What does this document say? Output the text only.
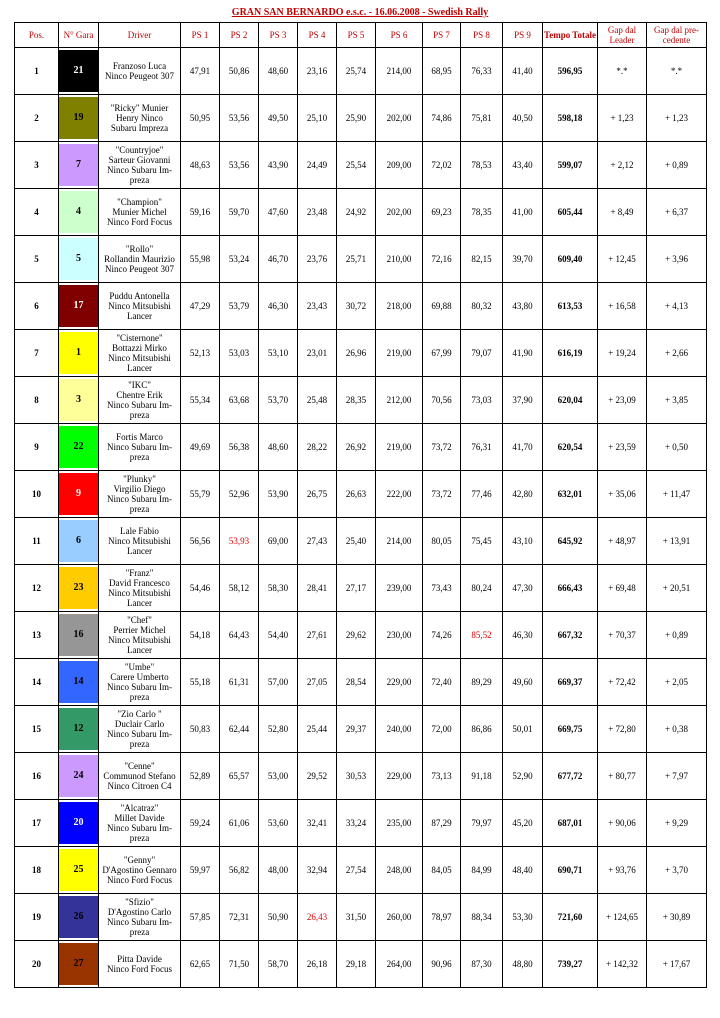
GRAN SAN BERNARDO e.s.c. - 16.06.2008 - Swedish Rally
Pos.	N° Gara	Driver	PS 1	PS 2	PS 3	PS 4	PS 5	PS 6	PS 7	PS 8	PS 9	Tempo Totale	Gap dal Leader	Gap dal pre-cedente
1	21	Franzoso Luca
Ninco Peugeot 307	47,91	50,86	48,60	23,16	25,74	214,00	68,95	76,33	41,40	596,95	*.*	*.*
2	19	"Ricky" Munier
Henry Ninco
Subaru Impreza	50,95	53,56	49,50	25,10	25,90	202,00	74,86	75,81	40,50	598,18	+ 1,23	+ 1,23
3	7	"Countryjoe"
Sarteur Giovanni
Ninco Subaru Im-
preza	48,63	53,56	43,90	24,49	25,54	209,00	72,02	78,53	43,40	599,07	+ 2,12	+ 0,89
4	4	"Champion"
Munier Michel
Ninco Ford Focus	59,16	59,70	47,60	23,48	24,92	202,00	69,23	78,35	41,00	605,44	+ 8,49	+ 6,37
5	5	"Rollo"
Rollandin Maurizio
Ninco Peugeot 307	55,98	53,24	46,70	23,76	25,71	210,00	72,16	82,15	39,70	609,40	+ 12,45	+ 3,96
6	17	Puddu Antonella
Ninco Mitsubishi
Lancer	47,29	53,79	46,30	23,43	30,72	218,00	69,88	80,32	43,80	613,53	+ 16,58	+ 4,13
7	1	"Cisternone"
Bottazzi Mirko
Ninco Mitsubishi
Lancer	52,13	53,03	53,10	23,01	26,96	219,00	67,99	79,07	41,90	616,19	+ 19,24	+ 2,66
8	3	"IKC"
Chentre Erik
Ninco Subaru Im-
preza	55,34	63,68	53,70	25,48	28,35	212,00	70,56	73,03	37,90	620,04	+ 23,09	+ 3,85
9	22	Fortis Marco
Ninco Subaru Im-
preza	49,69	56,38	48,60	28,22	26,92	219,00	73,72	76,31	41,70	620,54	+ 23,59	+ 0,50
10	9	"Plunky"
Virgilio Diego
Ninco Subaru Im-
preza	55,79	52,96	53,90	26,75	26,63	222,00	73,72	77,46	42,80	632,01	+ 35,06	+ 11,47
11	6	Lale Fabio
Ninco Mitsubishi
Lancer	56,56	53,93	69,00	27,43	25,40	214,00	80,05	75,45	43,10	645,92	+ 48,97	+ 13,91
12	23	"Franz"
David Francesco
Ninco Mitsubishi
Lancer	54,46	58,12	58,30	28,41	27,17	239,00	73,43	80,24	47,30	666,43	+ 69,48	+ 20,51
13	16	"Chef"
Perrier Michel
Ninco Mitsubishi
Lancer	54,18	64,43	54,40	27,61	29,62	230,00	74,26	85,52	46,30	667,32	+ 70,37	+ 0,89
14	14	"Umbe"
Carere Umberto
Ninco Subaru Im-
preza	55,18	61,31	57,00	27,05	28,54	229,00	72,40	89,29	49,60	669,37	+ 72,42	+ 2,05
15	12	"Zio Carlo "
Duclair Carlo
Ninco Subaru Im-
preza	50,83	62,44	52,80	25,44	29,37	240,00	72,00	86,86	50,01	669,75	+ 72,80	+ 0,38
16	24	"Cenne"
Communod Stefano
Ninco Citroen C4	52,89	65,57	53,00	29,52	30,53	229,00	73,13	91,18	52,90	677,72	+ 80,77	+ 7,97
17	20	"Alcatraz"
Millet Davide
Ninco Subaru Im-
preza	59,24	61,06	53,60	32,41	33,24	235,00	87,29	79,97	45,20	687,01	+ 90,06	+ 9,29
18	25	"Genny"
D'Agostino Gennaro
Ninco Ford Focus	59,97	56,82	48,00	32,94	27,54	248,00	84,05	84,99	48,40	690,71	+ 93,76	+ 3,70
19	26	"Sfizio"
D'Agostino Carlo
Ninco Subaru Im-
preza	57,85	72,31	50,90	26,43	31,50	260,00	78,97	88,34	53,30	721,60	+ 124,65	+ 30,89
20	27	Pitta Davide
Ninco Ford Focus	62,65	71,50	58,70	26,18	29,18	264,00	90,96	87,30	48,80	739,27	+ 142,32	+ 17,67
